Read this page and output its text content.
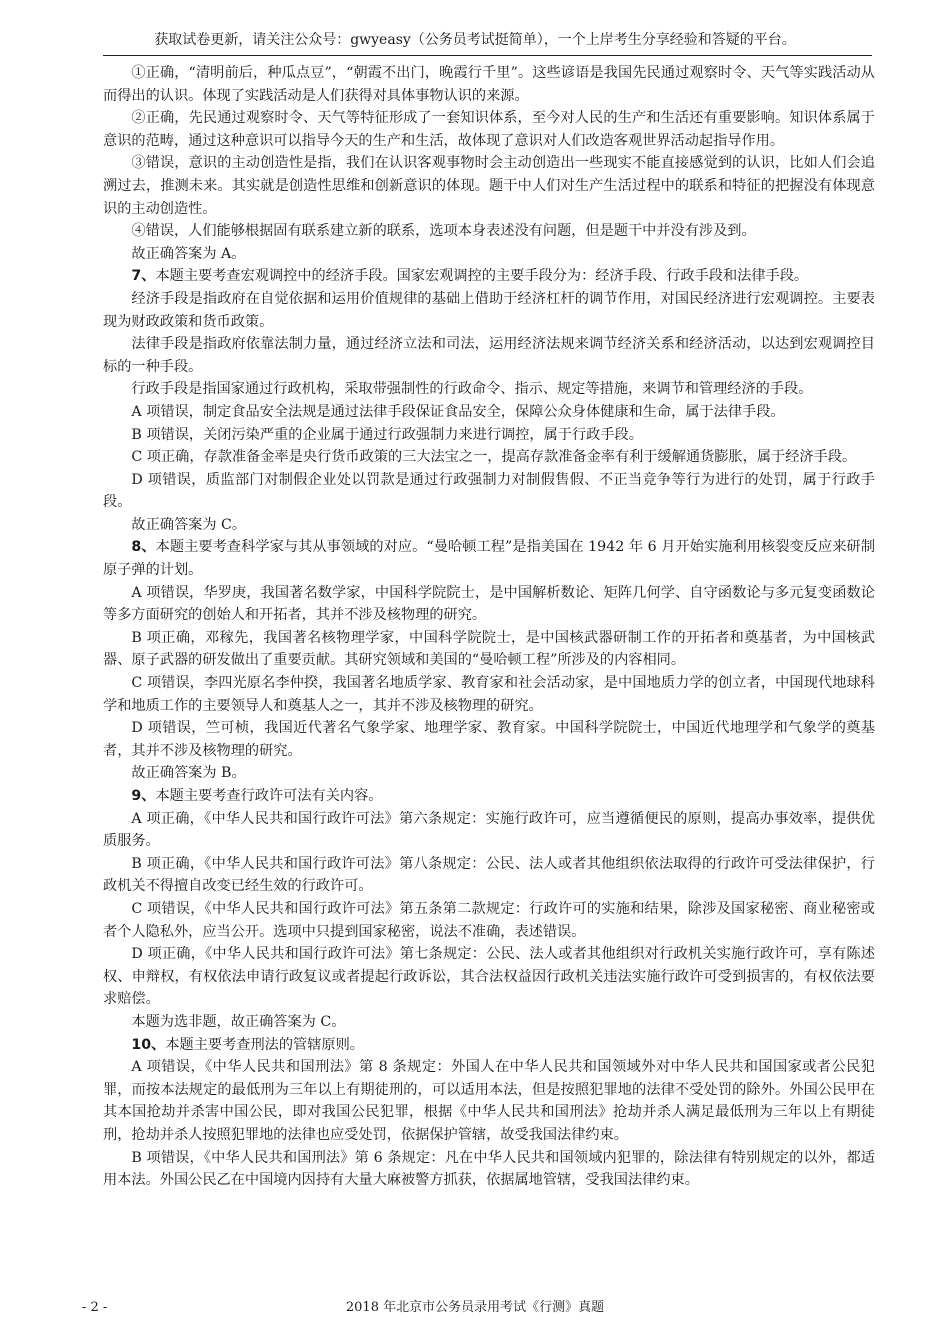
获取试卷更新，请关注公众号：gwyeasy（公务员考试挺简单），一个上岸考生分享经验和答疑的平台。

①正确，“清明前后，种瓜点豆”，“朝霞不出门，晚霞行千里”。这些谚语是我国先民通过观察时令、天气等实践活动从而得出的认识。体现了实践活动是人们获得对具体事物认识的来源。

②正确，先民通过观察时令、天气等特征形成了一套知识体系，至今对人民的生产和生活还有重要影响。知识体系属于意识的范畴，通过这种意识可以指导今天的生产和生活，故体现了意识对人们改造客观世界活动起指导作用。

③错误，意识的主动创造性是指，我们在认识客观事物时会主动创造出一些现实不能直接感觉到的认识，比如人们会追溯过去，推测未来。其实就是创造性思维和创新意识的体现。题干中人们对生产生活过程中的联系和特征的把握没有体现意识的主动创造性。

④错误，人们能够根据固有联系建立新的联系，选项本身表述没有问题，但是题干中并没有涉及到。

故正确答案为 A。

7、本题主要考查宏观调控中的经济手段。国家宏观调控的主要手段分为：经济手段、行政手段和法律手段。

经济手段是指政府在自觉依据和运用价值规律的基础上借助于经济杠杆的调节作用，对国民经济进行宏观调控。主要表现为财政政策和货币政策。

法律手段是指政府依靠法制力量，通过经济立法和司法，运用经济法规来调节经济关系和经济活动，以达到宏观调控目标的一种手段。

行政手段是指国家通过行政机构，采取带强制性的行政命令、指示、规定等措施，来调节和管理经济的手段。

A 项错误，制定食品安全法规是通过法律手段保证食品安全，保障公众身体健康和生命，属于法律手段。

B 项错误，关闭污染严重的企业属于通过行政强制力来进行调控，属于行政手段。

C 项正确，存款准备金率是央行货币政策的三大法宝之一，提高存款准备金率有利于缓解通货膨胀，属于经济手段。

D 项错误，质监部门对制假企业处以罚款是通过行政强制力对制假售假、不正当竞争等行为进行的处罚，属于行政手段。

故正确答案为 C。

8、本题主要考查科学家与其从事领域的对应。“曼哈顿工程”是指美国在 1942 年 6 月开始实施利用核裂变反应来研制原子弹的计划。

A 项错误，华罗庚，我国著名数学家，中国科学院院士，是中国解析数论、矩阵几何学、自守函数论与多元复变函数论等多方面研究的创始人和开拓者，其并不涉及核物理的研究。

B 项正确，邓稼先，我国著名核物理学家，中国科学院院士，是中国核武器研制工作的开拓者和奠基者，为中国核武器、原子武器的研发做出了重要贡献。其研究领域和美国的“曼哈顿工程”所涉及的内容相同。

C 项错误，李四光原名李仲揆，我国著名地质学家、教育家和社会活动家，是中国地质力学的创立者，中国现代地球科学和地质工作的主要领导人和奠基人之一，其并不涉及核物理的研究。

D 项错误，竺可桢，我国近代著名气象学家、地理学家、教育家。中国科学院院士，中国近代地理学和气象学的奠基者，其并不涉及核物理的研究。

故正确答案为 B。

9、本题主要考查行政许可法有关内容。

A 项正确，《中华人民共和国行政许可法》第六条规定：实施行政许可，应当遵循便民的原则，提高办事效率，提供优质服务。

B 项正确，《中华人民共和国行政许可法》第八条规定：公民、法人或者其他组织依法取得的行政许可受法律保护，行政机关不得擅自改变已经生效的行政许可。

C 项错误，《中华人民共和国行政许可法》第五条第二款规定：行政许可的实施和结果，除涉及国家秘密、商业秘密或者个人隐私外，应当公开。选项中只提到国家秘密，说法不准确，表述错误。

D 项正确，《中华人民共和国行政许可法》第七条规定：公民、法人或者其他组织对行政机关实施行政许可，享有陈述权、申辩权，有权依法申请行政复议或者提起行政诉讼，其合法权益因行政机关违法实施行政许可受到损害的，有权依法要求赔偿。

本题为选非题，故正确答案为 C。

10、本题主要考查刑法的管辖原则。

A 项错误，《中华人民共和国刑法》第 8 条规定：外国人在中华人民共和国领域外对中华人民共和国国家或者公民犯罪，而按本法规定的最低刑为三年以上有期徒刑的，可以适用本法，但是按照犯罪地的法律不受处罚的除外。外国公民甲在其本国抢劫并杀害中国公民，即对我国公民犯罪，根据《中华人民共和国刑法》抢劫并杀人满足最低刑为三年以上有期徒刑，抢劫并杀人按照犯罪地的法律也应受处罚，依据保护管辖，故受我国法律约束。

B 项错误，《中华人民共和国刑法》第 6 条规定：凡在中华人民共和国领域内犯罪的，除法律有特别规定的以外，都适用本法。外国公民乙在中国境内因持有大量大麻被警方抓获，依据属地管辖，受我国法律约束。

- 2 -	2018 年北京市公务员录用考试《行测》真题
